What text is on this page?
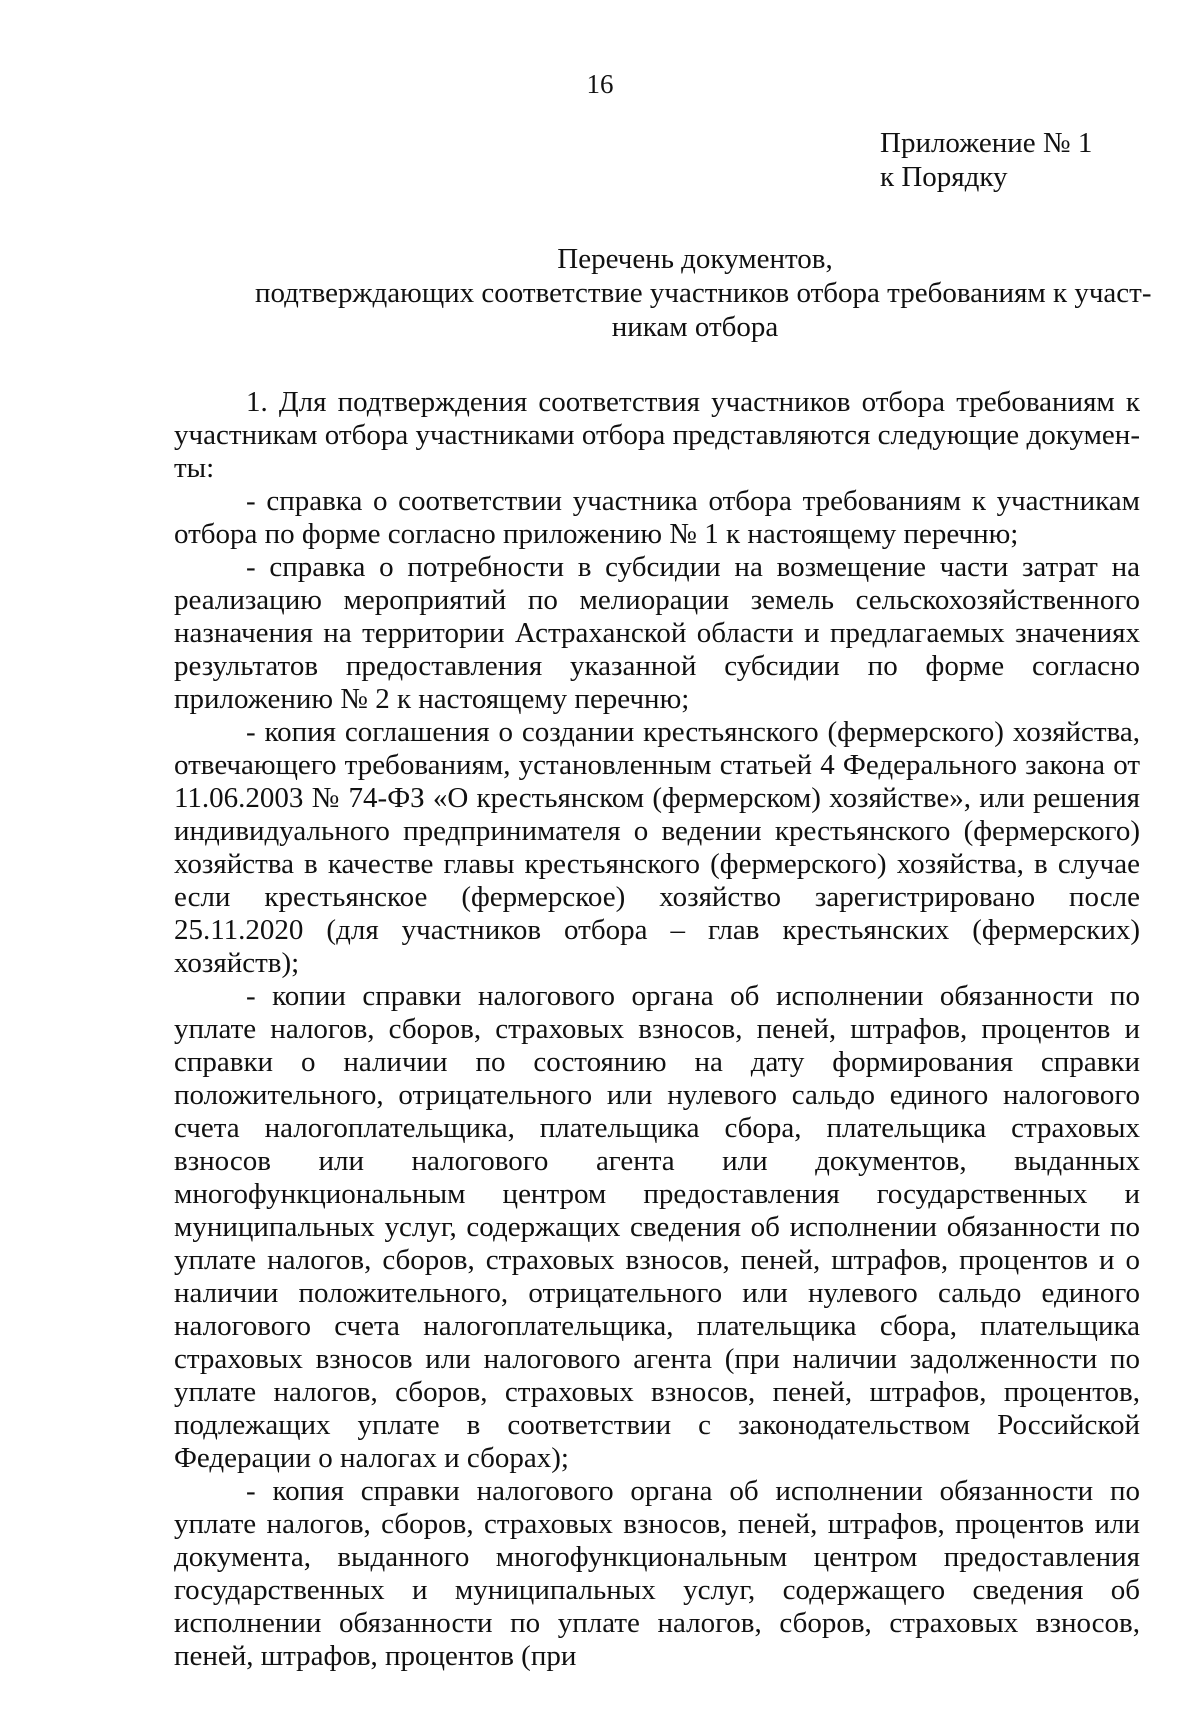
16
Приложение № 1
к Порядку
Перечень документов,
подтверждающих соответствие участников отбора требованиям к участ-
никам отбора

1. Для подтверждения соответствия участников отбора требованиям к участникам отбора участниками отбора представляются следующие документы:

- справка о соответствии участника отбора требованиям к участникам отбора по форме согласно приложению № 1 к настоящему перечню;

- справка о потребности в субсидии на возмещение части затрат на реализацию мероприятий по мелиорации земель сельскохозяйственного назначения на территории Астраханской области и предлагаемых значениях результатов предоставления указанной субсидии по форме согласно приложению № 2 к настоящему перечню;

- копия соглашения о создании крестьянского (фермерского) хозяйства, отвечающего требованиям, установленным статьей 4 Федерального закона от 11.06.2003 № 74-ФЗ «О крестьянском (фермерском) хозяйстве», или решения индивидуального предпринимателя о ведении крестьянского (фермерского) хозяйства в качестве главы крестьянского (фермерского) хозяйства, в случае если крестьянское (фермерское) хозяйство зарегистрировано после 25.11.2020 (для участников отбора – глав крестьянских (фермерских) хозяйств);

- копии справки налогового органа об исполнении обязанности по уплате налогов, сборов, страховых взносов, пеней, штрафов, процентов и справки о наличии по состоянию на дату формирования справки положительного, отрицательного или нулевого сальдо единого налогового счета налогоплательщика, плательщика сбора, плательщика страховых взносов или налогового агента или документов, выданных многофункциональным центром предоставления государственных и муниципальных услуг, содержащих сведения об исполнении обязанности по уплате налогов, сборов, страховых взносов, пеней, штрафов, процентов и о наличии положительного, отрицательного или нулевого сальдо единого налогового счета налогоплательщика, плательщика сбора, плательщика страховых взносов или налогового агента (при наличии задолженности по уплате налогов, сборов, страховых взносов, пеней, штрафов, процентов, подлежащих уплате в соответствии с законодательством Российской Федерации о налогах и сборах);

- копия справки налогового органа об исполнении обязанности по уплате налогов, сборов, страховых взносов, пеней, штрафов, процентов или документа, выданного многофункциональным центром предоставления государственных и муниципальных услуг, содержащего сведения об исполнении обязанности по уплате налогов, сборов, страховых взносов, пеней, штрафов, процентов (при
